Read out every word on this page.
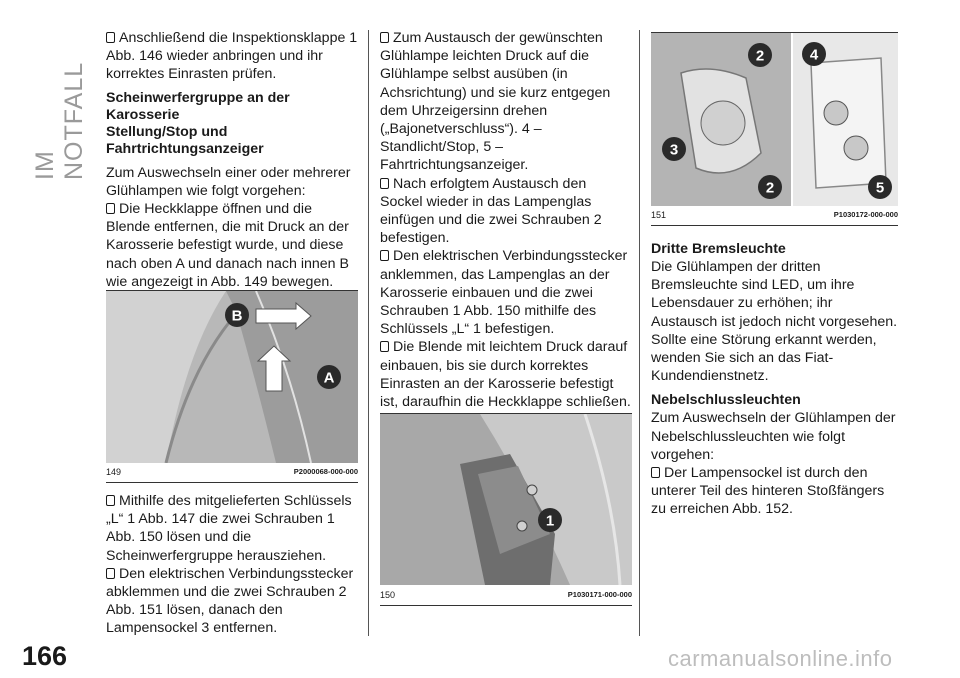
IM NOTFALL
166	carmanualsonline.info

Anschließend die Inspektionsklappe 1 Abb. 146 wieder anbringen und ihr korrektes Einrasten prüfen.

Scheinwerfergruppe an der Karosserie
Stellung/Stop und Fahrtrichtungsanzeiger

Zum Auswechseln einer oder mehrerer Glühlampen wie folgt vorgehen:

Die Heckklappe öffnen und die Blende entfernen, die mit Druck an der Karosserie befestigt wurde, und diese nach oben A und danach nach innen B wie angezeigt in Abb. 149 bewegen.

B
A
149	P2000068-000-000

Mithilfe des mitgelieferten Schlüssels „L“ 1 Abb. 147 die zwei Schrauben 1 Abb. 150 lösen und die Scheinwerfergruppe herausziehen.

Den elektrischen Verbindungsstecker abklemmen und die zwei Schrauben 2 Abb. 151 lösen, danach den Lampensockel 3 entfernen.

Zum Austausch der gewünschten Glühlampe leichten Druck auf die Glühlampe selbst ausüben (in Achsrichtung) und sie kurz entgegen dem Uhrzeigersinn drehen („Bajonetverschluss“). 4 – Standlicht/Stop, 5 – Fahrtrichtungsanzeiger.

Nach erfolgtem Austausch den Sockel wieder in das Lampenglas einfügen und die zwei Schrauben 2 befestigen.

Den elektrischen Verbindungsstecker anklemmen, das Lampenglas an der Karosserie einbauen und die zwei Schrauben 1 Abb. 150 mithilfe des Schlüssels „L“ 1 befestigen.

Die Blende mit leichtem Druck darauf einbauen, bis sie durch korrektes Einrasten an der Karosserie befestigt ist, daraufhin die Heckklappe schließen.

1
150	P1030171-000-000
2
3
2
4
5
151	P1030172-000-000
Dritte Bremsleuchte

Die Glühlampen der dritten Bremsleuchte sind LED, um ihre Lebensdauer zu erhöhen; ihr Austausch ist jedoch nicht vorgesehen. Sollte eine Störung erkannt werden, wenden Sie sich an das Fiat-Kundendienstnetz.

Nebelschlussleuchten

Zum Auswechseln der Glühlampen der Nebelschlussleuchten wie folgt vorgehen:

Der Lampensockel ist durch den unterer Teil des hinteren Stoßfängers zu erreichen Abb. 152.
